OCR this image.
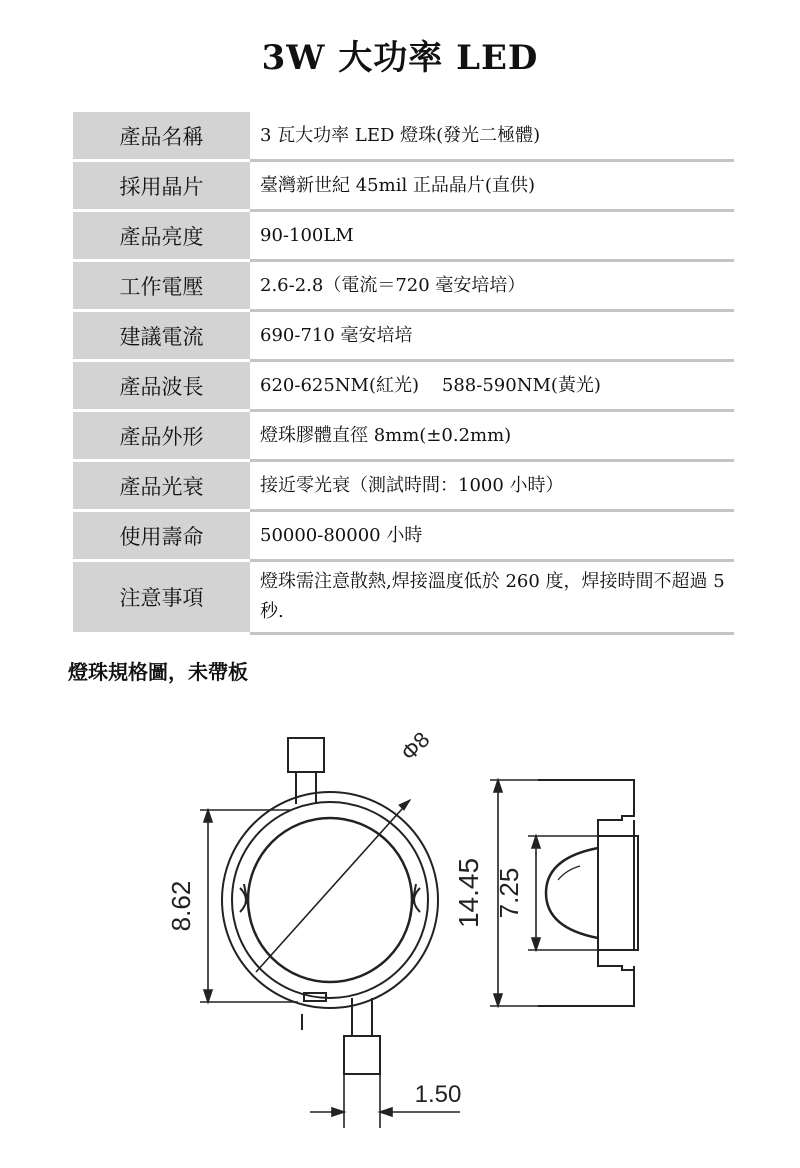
3W 大功率 LED
產品名稱	3 瓦大功率 LED 燈珠(發光二極體)
採用晶片	臺灣新世紀 45mil 正品晶片(直供)
產品亮度	90-100LM
工作電壓	2.6-2.8（電流＝720 毫安培培）
建議電流	690-710 毫安培培
產品波長	620-625NM(紅光)    588-590NM(黃光)
產品外形	燈珠膠體直徑 8mm(±0.2mm)
產品光衰	接近零光衰（測試時間：1000 小時）
使用壽命	50000-80000 小時
注意事項	燈珠需注意散熱,焊接溫度低於 260 度，焊接時間不超過 5 秒.
燈珠規格圖，未帶板
Φ8
8.62	14.45 7.25
1.50
